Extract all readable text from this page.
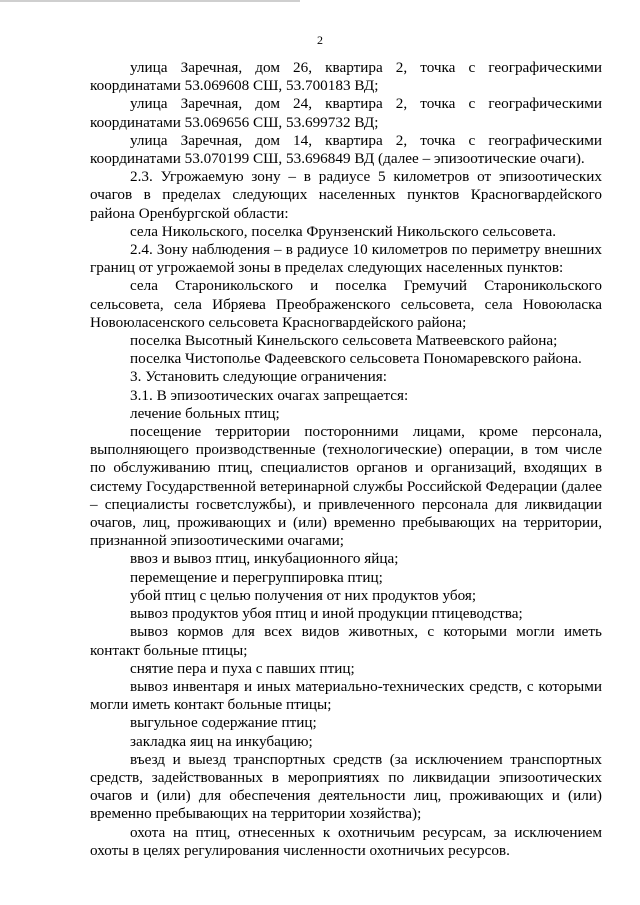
2

улица Заречная, дом 26, квартира 2, точка с географическими координатами 53.069608 СШ, 53.700183 ВД;

улица Заречная, дом 24, квартира 2, точка с географическими координатами 53.069656 СШ, 53.699732 ВД;

улица Заречная, дом 14, квартира 2, точка с географическими координатами 53.070199 СШ, 53.696849 ВД (далее – эпизоотические очаги).

2.3. Угрожаемую зону – в радиусе 5 километров от эпизоотических очагов в пределах следующих населенных пунктов Красногвардейского района Оренбургской области:

села Никольского, поселка Фрунзенский Никольского сельсовета.

2.4. Зону наблюдения – в радиусе 10 километров по периметру внешних границ от угрожаемой зоны в пределах следующих населенных пунктов:

села Староникольского и поселка Гремучий Староникольского сельсовета, села Ибряева Преображенского сельсовета, села Новоюласка Новоюласенского сельсовета Красногвардейского района;

поселка Высотный Кинельского сельсовета Матвеевского района;

поселка Чистополье Фадеевского сельсовета Пономаревского района.

3. Установить следующие ограничения:

3.1. В эпизоотических очагах запрещается:

лечение больных птиц;

посещение территории посторонними лицами, кроме персонала, выполняющего производственные (технологические) операции, в том числе по обслуживанию птиц, специалистов органов и организаций, входящих в систему Государственной ветеринарной службы Российской Федерации (далее – специалисты госветслужбы), и привлеченного персонала для ликвидации очагов, лиц, проживающих и (или) временно пребывающих на территории, признанной эпизоотическими очагами;

ввоз и вывоз птиц, инкубационного яйца;

перемещение и перегруппировка птиц;

убой птиц с целью получения от них продуктов убоя;

вывоз продуктов убоя птиц и иной продукции птицеводства;

вывоз кормов для всех видов животных, с которыми могли иметь контакт больные птицы;

снятие пера и пуха с павших птиц;

вывоз инвентаря и иных материально-технических средств, с которыми могли иметь контакт больные птицы;

выгульное содержание птиц;

закладка яиц на инкубацию;

въезд и выезд транспортных средств (за исключением транспортных средств, задействованных в мероприятиях по ликвидации эпизоотических очагов и (или) для обеспечения деятельности лиц, проживающих и (или) временно пребывающих на территории хозяйства);

охота на птиц, отнесенных к охотничьим ресурсам, за исключением охоты в целях регулирования численности охотничьих ресурсов.
